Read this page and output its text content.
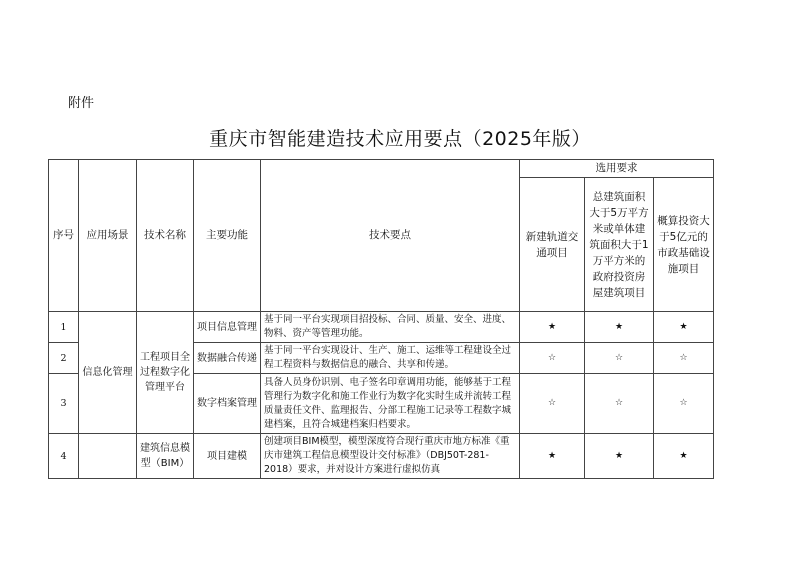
附件
重庆市智能建造技术应用要点（2025年版）
序号	应用场景	技术名称	主要功能	技术要点	选用要求		
					新建轨道交通项目	总建筑面积大于5万平方米或单体建筑面积大于1万平方米的政府投资房屋建筑项目	概算投资大于5亿元的市政基础设施项目
1	信息化管理	工程项目全过程数字化管理平台	项目信息管理	基于同一平台实现项目招投标、合同、质量、安全、进度、物料、资产等管理功能。	★	★	★
2			数据融合传递	基于同一平台实现设计、生产、施工、运维等工程建设全过程工程资料与数据信息的融合、共享和传递。	☆	☆	☆
3			数字档案管理	具备人员身份识别、电子签名印章调用功能，能够基于工程管理行为数字化和施工作业行为数字化实时生成并流转工程质量责任文件、监理报告、分部工程施工记录等工程数字城建档案，且符合城建档案归档要求。	☆	☆	☆
4		建筑信息模型（BIM）	项目建模	创建项目BIM模型，模型深度符合现行重庆市地方标准《重庆市建筑工程信息模型设计交付标准》（DBJ50T-281-2018）要求，并对设计方案进行虚拟仿真	★	★	★
